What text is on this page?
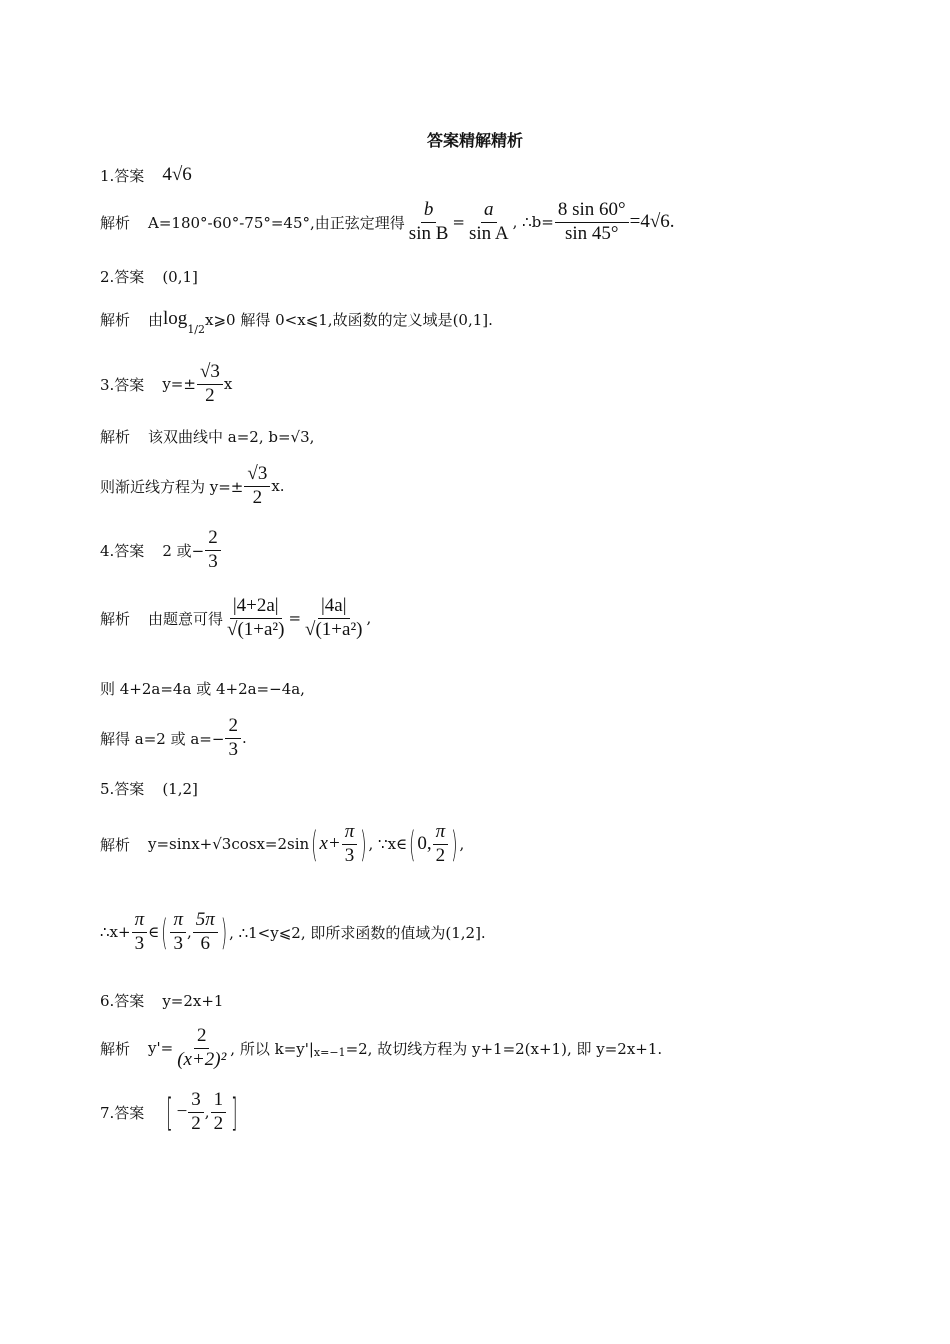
答案精解精析
1.答案 4√6
解析 A=180°-60°-75°=45°,由正弦定理得 $\frac{b}{\text{sin B}} = \frac{a}{\text{sin A}}$ , ∴b= $\frac{8 \sin 60^\circ}{\sin 45^\circ} =4√6$.
2.答案 (0,1]
解析 由 log 1/2
x⩾0 解得 0<x⩽1,故函数的定义域是(0,1].
3.答案 $y=\pm \frac{√3}{2}$ x
解析 该双曲线中 a=2, b=√3,
则渐近线方程为 $y=\pm \frac{√3}{2} x$.
4.答案 2 或− $\frac{2}{3}$
解析 由题意可得 $\frac{|4+2a|}{\text{√(1+a²)}} = \frac{|4a|}{\text{√(1+a²)}}$ ,
则 4+2a=4a 或 4+2a=−4a,
解得 a=2 或 $a=- \frac{2}{3}$ .
5.答案 (1,2]
解析 y=sinx+√3cosx=2sin ( $x+ \frac{\pi}{3}$ ) , ∵x∈ ( 0, $\frac{\pi}{2}$ ) ,
∴x+ $\frac{\pi}{3}$ ∈ ( $\frac{\pi}{3}$ , $\frac{5\pi}{6}$ ) , ∴1<y⩽2, 即所求函数的值域为(1,2].
6.答案 y=2x+1
解析 $y'= \frac{2}{\text{(x+2)²}}$ , 所以 k=y'| x=−1 =2, 故切线方程为 y+1=2(x+1), 即 y=2x+1.
7.答案 [ − $\frac{3}{2}$ , $\frac{1}{2}$ ]
